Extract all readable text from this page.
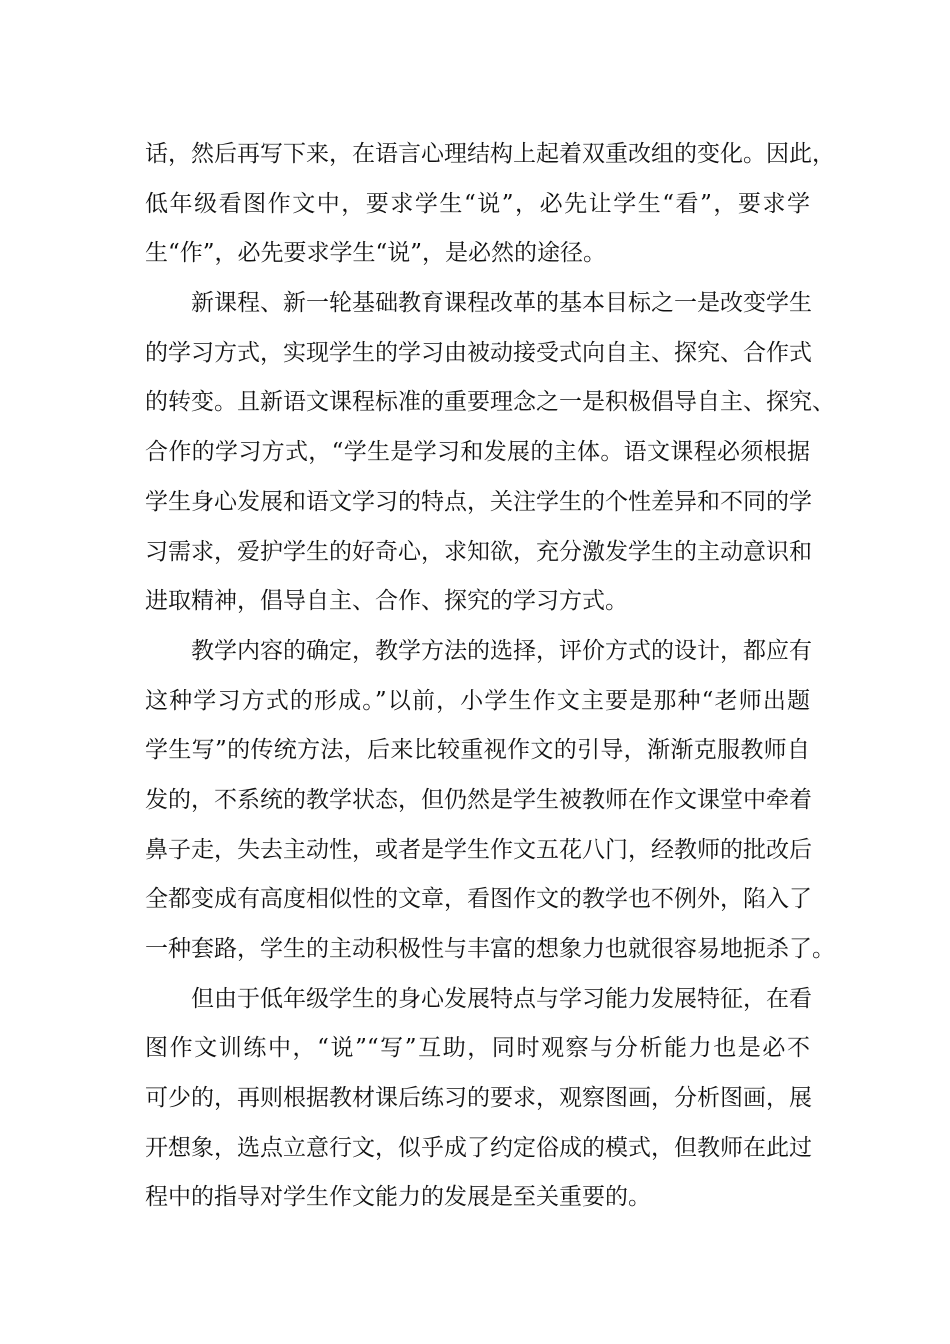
话，然后再写下来，在语言心理结构上起着双重改组的变化。因此，

低年级看图作文中，要求学生“说”，必先让学生“看”，要求学

生“作”，必先要求学生“说”，是必然的途径。

新课程、新一轮基础教育课程改革的基本目标之一是改变学生

的学习方式，实现学生的学习由被动接受式向自主、探究、合作式

的转变。且新语文课程标准的重要理念之一是积极倡导自主、探究、

合作的学习方式，“学生是学习和发展的主体。语文课程必须根据

学生身心发展和语文学习的特点，关注学生的个性差异和不同的学

习需求，爱护学生的好奇心，求知欲，充分激发学生的主动意识和

进取精神，倡导自主、合作、探究的学习方式。

教学内容的确定，教学方法的选择，评价方式的设计，都应有

这种学习方式的形成。”以前，小学生作文主要是那种“老师出题

学生写”的传统方法，后来比较重视作文的引导，渐渐克服教师自

发的，不系统的教学状态，但仍然是学生被教师在作文课堂中牵着

鼻子走，失去主动性，或者是学生作文五花八门，经教师的批改后

全都变成有高度相似性的文章，看图作文的教学也不例外，陷入了

一种套路，学生的主动积极性与丰富的想象力也就很容易地扼杀了。

但由于低年级学生的身心发展特点与学习能力发展特征，在看

图作文训练中，“说”“写”互助，同时观察与分析能力也是必不

可少的，再则根据教材课后练习的要求，观察图画，分析图画，展

开想象，选点立意行文，似乎成了约定俗成的模式，但教师在此过

程中的指导对学生作文能力的发展是至关重要的。
